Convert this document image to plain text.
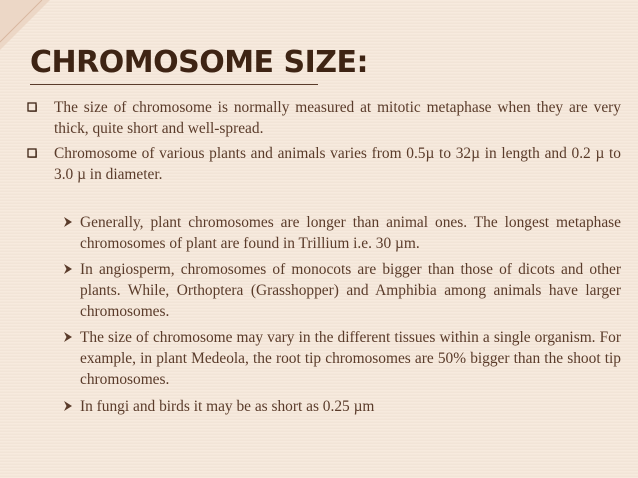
CHROMOSOME SIZE:
The size of chromosome is normally measured at mitotic metaphase when they are very thick, quite short and well-spread.
Chromosome of various plants and animals varies from 0.5µ to 32µ in length and 0.2 µ to 3.0 µ in diameter.
Generally, plant chromosomes are longer than animal ones. The longest metaphase chromosomes of plant are found in Trillium i.e. 30 µm.
In angiosperm, chromosomes of monocots are bigger than those of dicots and other plants. While, Orthoptera (Grasshopper) and Amphibia among animals have larger chromosomes.
The size of chromosome may vary in the different tissues within a single organism. For example, in plant Medeola, the root tip chromosomes are 50% bigger than the shoot tip chromosomes.
In fungi and birds it may be as short as 0.25 µm
